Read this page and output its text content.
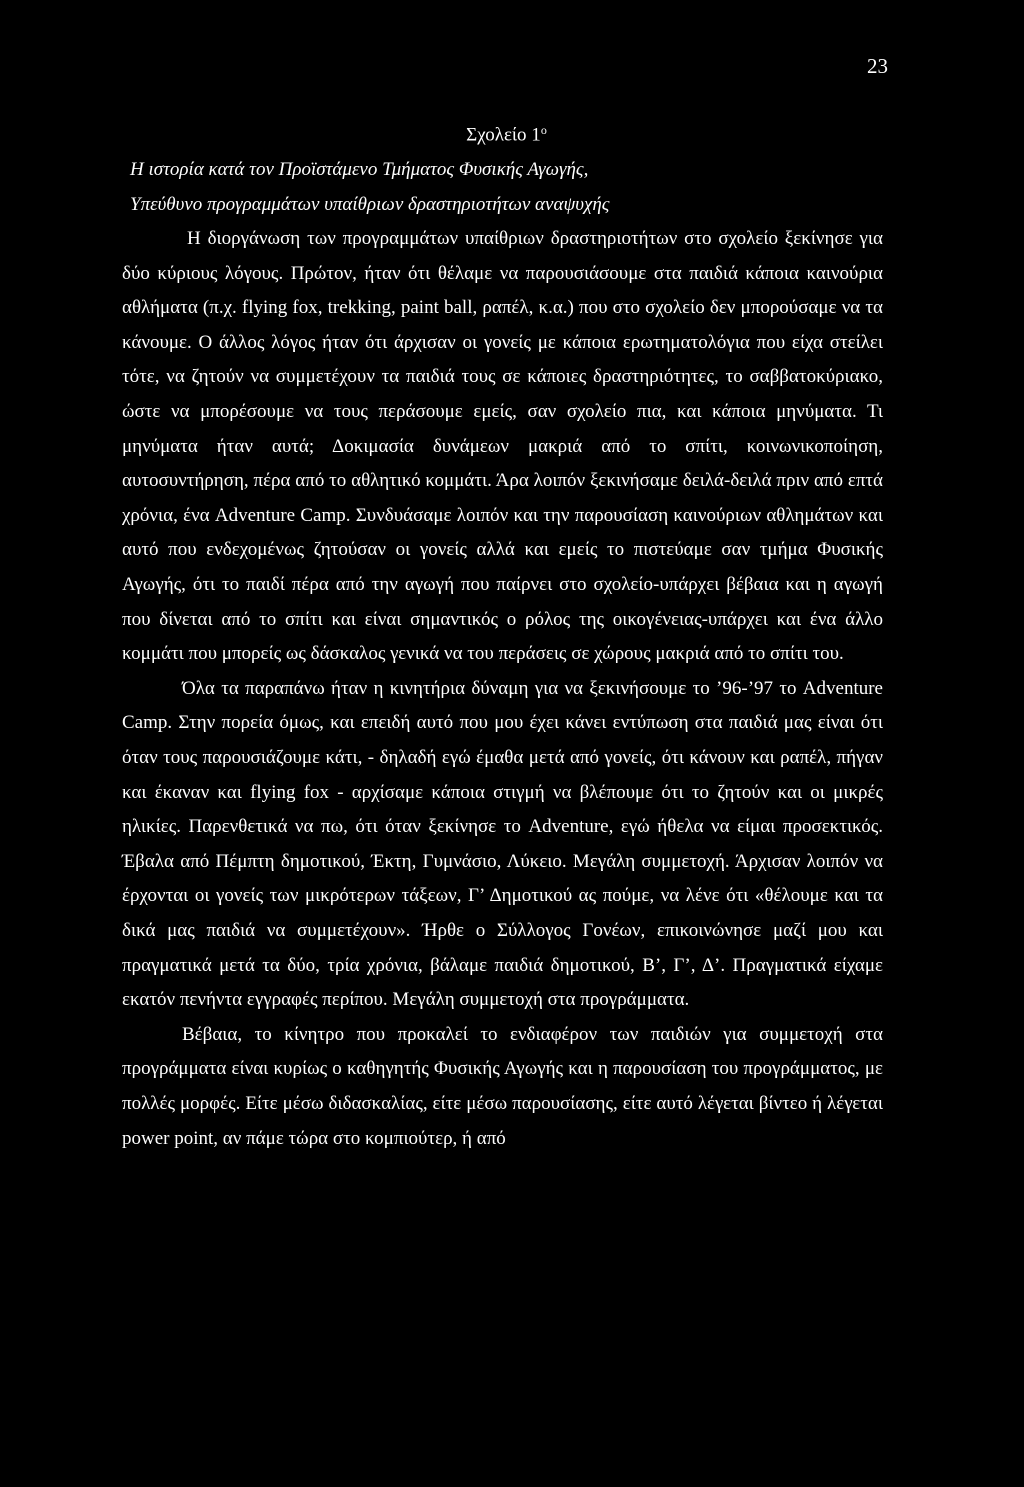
23
Σχολείο $1^o$
Η ιστορία κατά τον Προϊστάμενο Τμήματος Φυσικής Αγωγής,
Υπεύθυνο προγραμμάτων υπαίθριων δραστηριοτήτων αναψυχής

Η διοργάνωση των προγραμμάτων υπαίθριων δραστηριοτήτων στο σχολείο ξεκίνησε για δύο κύριους λόγους. Πρώτον, ήταν ότι θέλαμε να παρουσιάσουμε στα παιδιά κάποια καινούρια αθλήματα (π.χ. flying fox, trekking, paint ball, ραπέλ, κ.α.) που στο σχολείο δεν μπορούσαμε να τα κάνουμε. Ο άλλος λόγος ήταν ότι άρχισαν οι γονείς με κάποια ερωτηματολόγια που είχα στείλει τότε, να ζητούν να συμμετέχουν τα παιδιά τους σε κάποιες δραστηριότητες, το σαββατοκύριακο, ώστε να μπορέσουμε να τους περάσουμε εμείς, σαν σχολείο πια, και κάποια μηνύματα. Τι μηνύματα ήταν αυτά; Δοκιμασία δυνάμεων μακριά από το σπίτι, κοινωνικοποίηση, αυτοσυντήρηση, πέρα από το αθλητικό κομμάτι. Άρα λοιπόν ξεκινήσαμε δειλά-δειλά πριν από επτά χρόνια, ένα Adventure Camp. Συνδυάσαμε λοιπόν και την παρουσίαση καινούριων αθλημάτων και αυτό που ενδεχομένως ζητούσαν οι γονείς αλλά και εμείς το πιστεύαμε σαν τμήμα Φυσικής Αγωγής, ότι το παιδί πέρα από την αγωγή που παίρνει στο σχολείο-υπάρχει βέβαια και η αγωγή που δίνεται από το σπίτι και είναι σημαντικός ο ρόλος της οικογένειας-υπάρχει και ένα άλλο κομμάτι που μπορείς ως δάσκαλος γενικά να του περάσεις σε χώρους μακριά από το σπίτι του.

Όλα τα παραπάνω ήταν η κινητήρια δύναμη για να ξεκινήσουμε το ’96-’97 το Adventure Camp. Στην πορεία όμως, και επειδή αυτό που μου έχει κάνει εντύπωση στα παιδιά μας είναι ότι όταν τους παρουσιάζουμε κάτι, - δηλαδή εγώ έμαθα μετά από γονείς, ότι κάνουν και ραπέλ, πήγαν και έκαναν και flying fox - αρχίσαμε κάποια στιγμή να βλέπουμε ότι το ζητούν και οι μικρές ηλικίες. Παρενθετικά να πω, ότι όταν ξεκίνησε το Adventure, εγώ ήθελα να είμαι προσεκτικός. Έβαλα από Πέμπτη δημοτικού, Έκτη, Γυμνάσιο, Λύκειο. Μεγάλη συμμετοχή. Άρχισαν λοιπόν να έρχονται οι γονείς των μικρότερων τάξεων, Γ’ Δημοτικού ας πούμε, να λένε ότι «θέλουμε και τα δικά μας παιδιά να συμμετέχουν». Ήρθε ο Σύλλογος Γονέων, επικοινώνησε μαζί μου και πραγματικά μετά τα δύο, τρία χρόνια, βάλαμε παιδιά δημοτικού, Β’, Γ’, Δ’. Πραγματικά είχαμε εκατόν πενήντα εγγραφές περίπου. Μεγάλη συμμετοχή στα προγράμματα.

Βέβαια, το κίνητρο που προκαλεί το ενδιαφέρον των παιδιών για συμμετοχή στα προγράμματα είναι κυρίως ο καθηγητής Φυσικής Αγωγής και η παρουσίαση του προγράμματος, με πολλές μορφές. Είτε μέσω διδασκαλίας, είτε μέσω παρουσίασης, είτε αυτό λέγεται βίντεο ή λέγεται power point, αν πάμε τώρα στο κομπιούτερ, ή από
